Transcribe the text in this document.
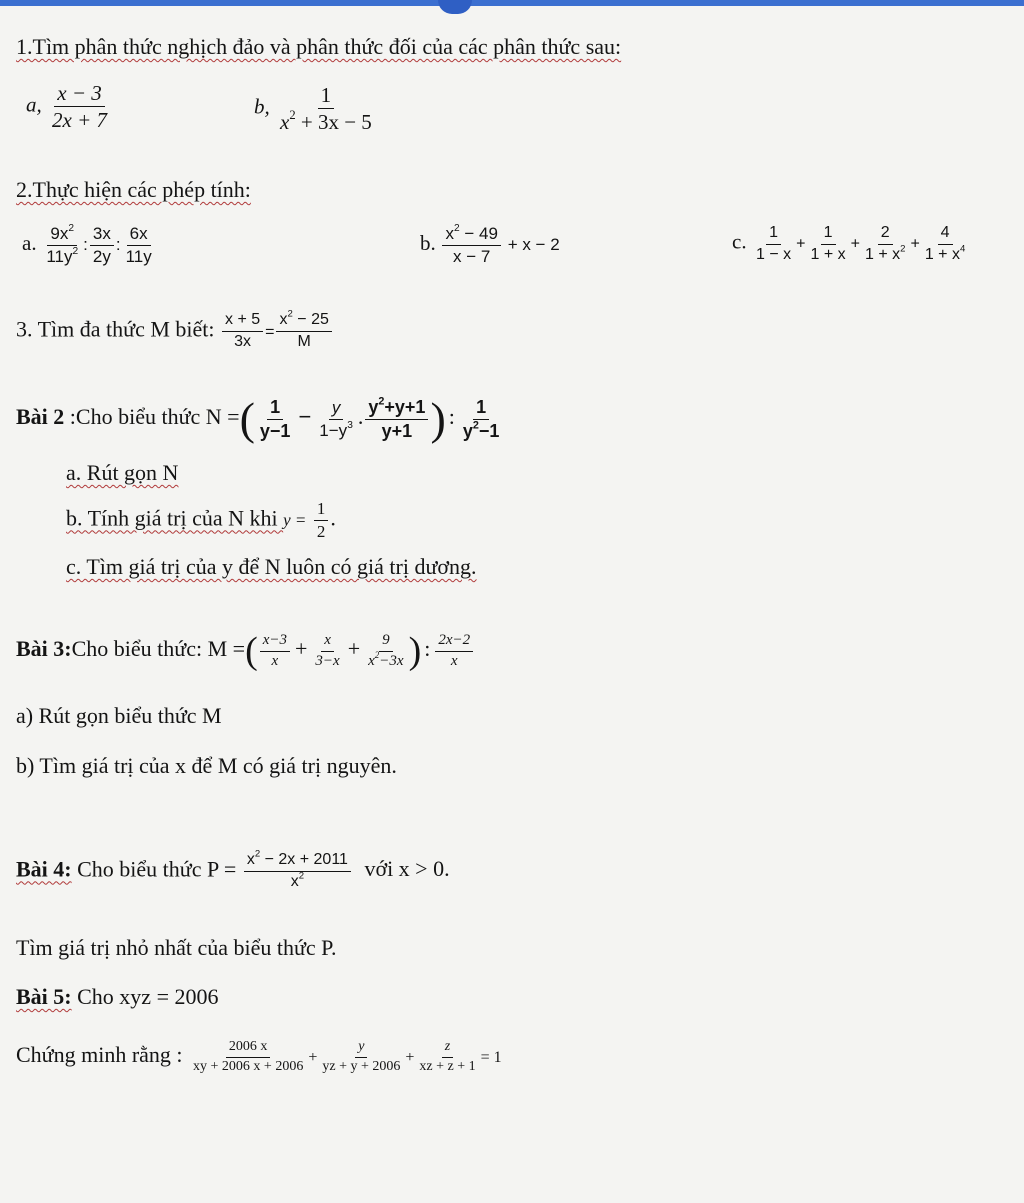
1.Tìm phân thức nghịch đảo và phân thức đối của các phân thức sau:
a, $\frac{x - 3}{2x + 7}$	b, $\frac{1}{x^2 + 3x - 5}$
2.Thực hiện các phép tính:
a. $\frac{9x^2}{11y^2}$ : $\frac{3x}{2y}$ : $\frac{6x}{11y}$	b. $\frac{x^2 - 49}{x - 7} + x - 2$	c. $\frac{1}{1 - x} + \frac{1}{1 + x} + \frac{2}{1 + x^2} + \frac{4}{1 + x^4}$
3. Tìm đa thức M biết: $\frac{x + 5}{3x} = \frac{x^2 - 25}{M}$
Bài 2 :Cho biểu thức N =( $\frac{1}{y-1} - \frac{y}{1-y^3}$ . $\frac{y^2+y+1}{y+1}$ ) : $\frac{1}{y^2-1}$
a. Rút gọn N
b. Tính giá trị của N khi $y = \frac{1}{2}$ .
c. Tìm giá trị của y để N luôn có giá trị dương.
Bài 3:Cho biểu thức: M =( $\frac{x-3}{x} + \frac{x}{3-x} + \frac{9}{x^2-3x}$ ) : $\frac{2x-2}{x}$
a) Rút gọn biểu thức M
b) Tìm giá trị của x để M có giá trị nguyên.
Bài 4: Cho biểu thức $P = \frac{x^2 - 2x + 2011}{x^2}$ với x > 0.
Tìm giá trị nhỏ nhất của biểu thức P.
Bài 5: Cho xyz = 2006
Chứng minh rằng : $\frac{2006 x}{xy + 2006 x + 2006} + \frac{y}{yz + y + 2006} + \frac{z}{xz + z + 1} = 1$
